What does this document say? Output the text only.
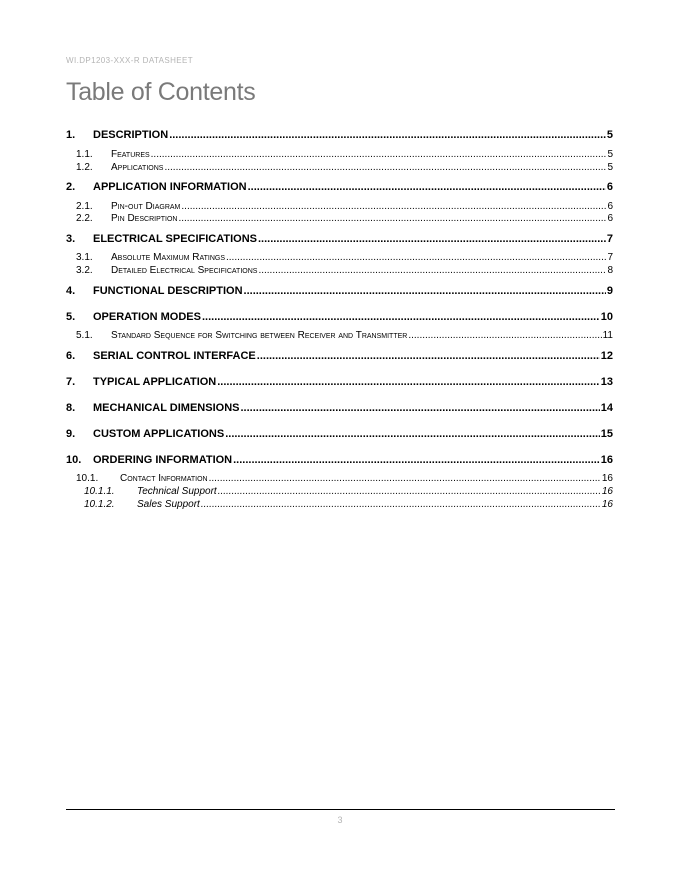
WI.DP1203-XXX-R DATASHEET
Table of Contents
1.	DESCRIPTION .....	5
1.1.	Features .....	5
1.2.	Applications .....	5
2.	APPLICATION INFORMATION .....	6
2.1.	Pin-out Diagram .....	6
2.2.	Pin Description .....	6
3.	ELECTRICAL SPECIFICATIONS .....	7
3.1.	Absolute Maximum Ratings .....	7
3.2.	Detailed Electrical Specifications .....	8
4.	FUNCTIONAL DESCRIPTION .....	9
5.	OPERATION MODES .....	10
5.1.	Standard Sequence for Switching between Receiver and Transmitter .....	11
6.	SERIAL CONTROL INTERFACE .....	12
7.	TYPICAL APPLICATION .....	13
8.	MECHANICAL DIMENSIONS .....	14
9.	CUSTOM APPLICATIONS .....	15
10.	ORDERING INFORMATION .....	16
10.1.	Contact Information .....	16
10.1.1.	Technical Support .....	16
10.1.2.	Sales Support .....	16
3
